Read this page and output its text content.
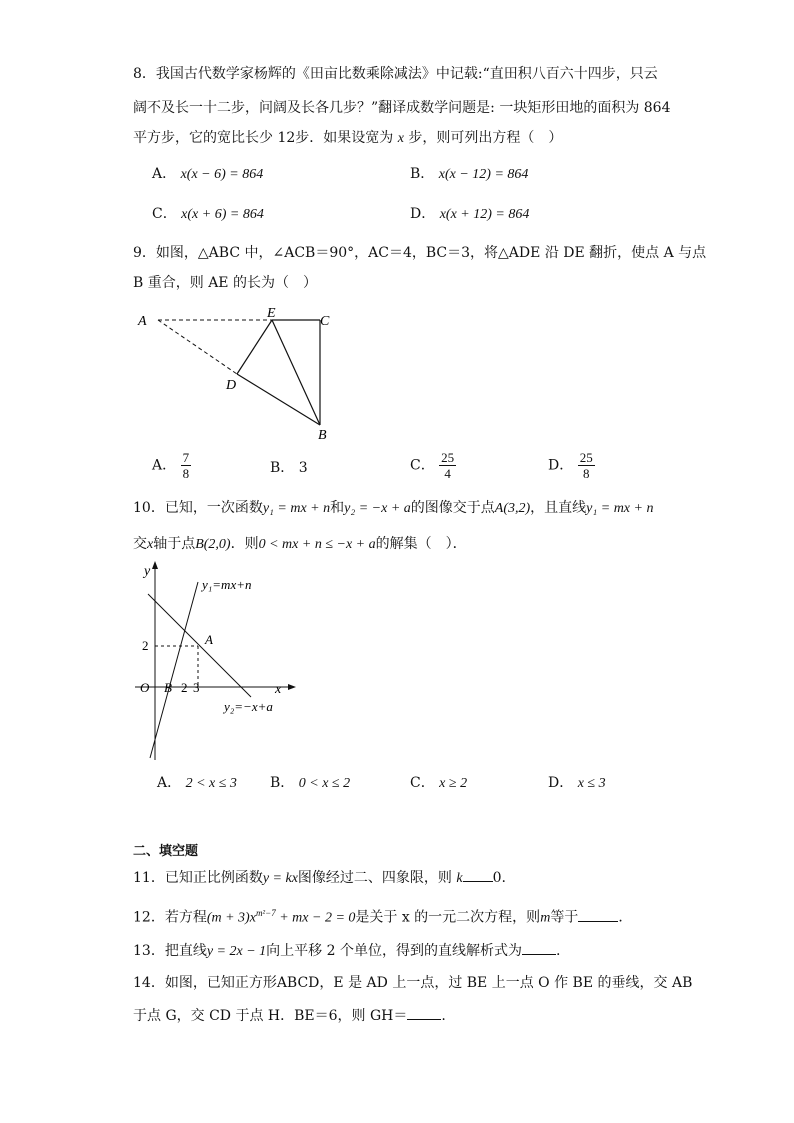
8．我国古代数学家杨辉的《田亩比数乘除减法》中记载:“直田积八百六十四步，只云
阔不及长一十二步，问阔及长各几步？”翻译成数学问题是: 一块矩形田地的面积为 864
平方步，它的宽比长少 12步．如果设宽为 x 步，则可列出方程（　）
A． x(x − 6) = 864	B． x(x − 12) = 864
C． x(x + 6) = 864	D． x(x + 12) = 864
9．如图，△ABC 中，∠ACB＝90°，AC＝4，BC＝3，将△ADE 沿 DE 翻折，使点 A 与点
B 重合，则 AE 的长为（　）
A
E
C
D
B
A． $\frac{7}{8}$	B． 3	C． $\frac{25}{4}$	D． $\frac{25}{8}$
10．已知，一次函数y₁ = mx + n和y₂ = −x + a的图像交于点A(3,2)，且直线y₁ = mx + n
交x轴于点B(2,0)．则0 < mx + n ≤ −x + a的解集（　）．
y
x
O B 2 3
2	A
y₁=mx+n
y₂=−x+a
A． 2 < x ≤ 3 B． 0 < x ≤ 2	C． x ≥ 2	D． x ≤ 3
二、填空题
11．已知正比例函数y = kx图像经过二、四象限，则 k 0.
12．若方程$(m + 3)x^{m^2-7}$ + mx − 2 = 0是关于 x 的一元二次方程，则m等于	．
13．把直线y = 2x − 1向上平移 2 个单位，得到的直线解析式为 .
14．如图，已知正方形ABCD，E 是 AD 上一点，过 BE 上一点 O 作 BE 的垂线，交 AB
于点 G，交 CD 于点 H．BE＝6，则 GH＝ .
